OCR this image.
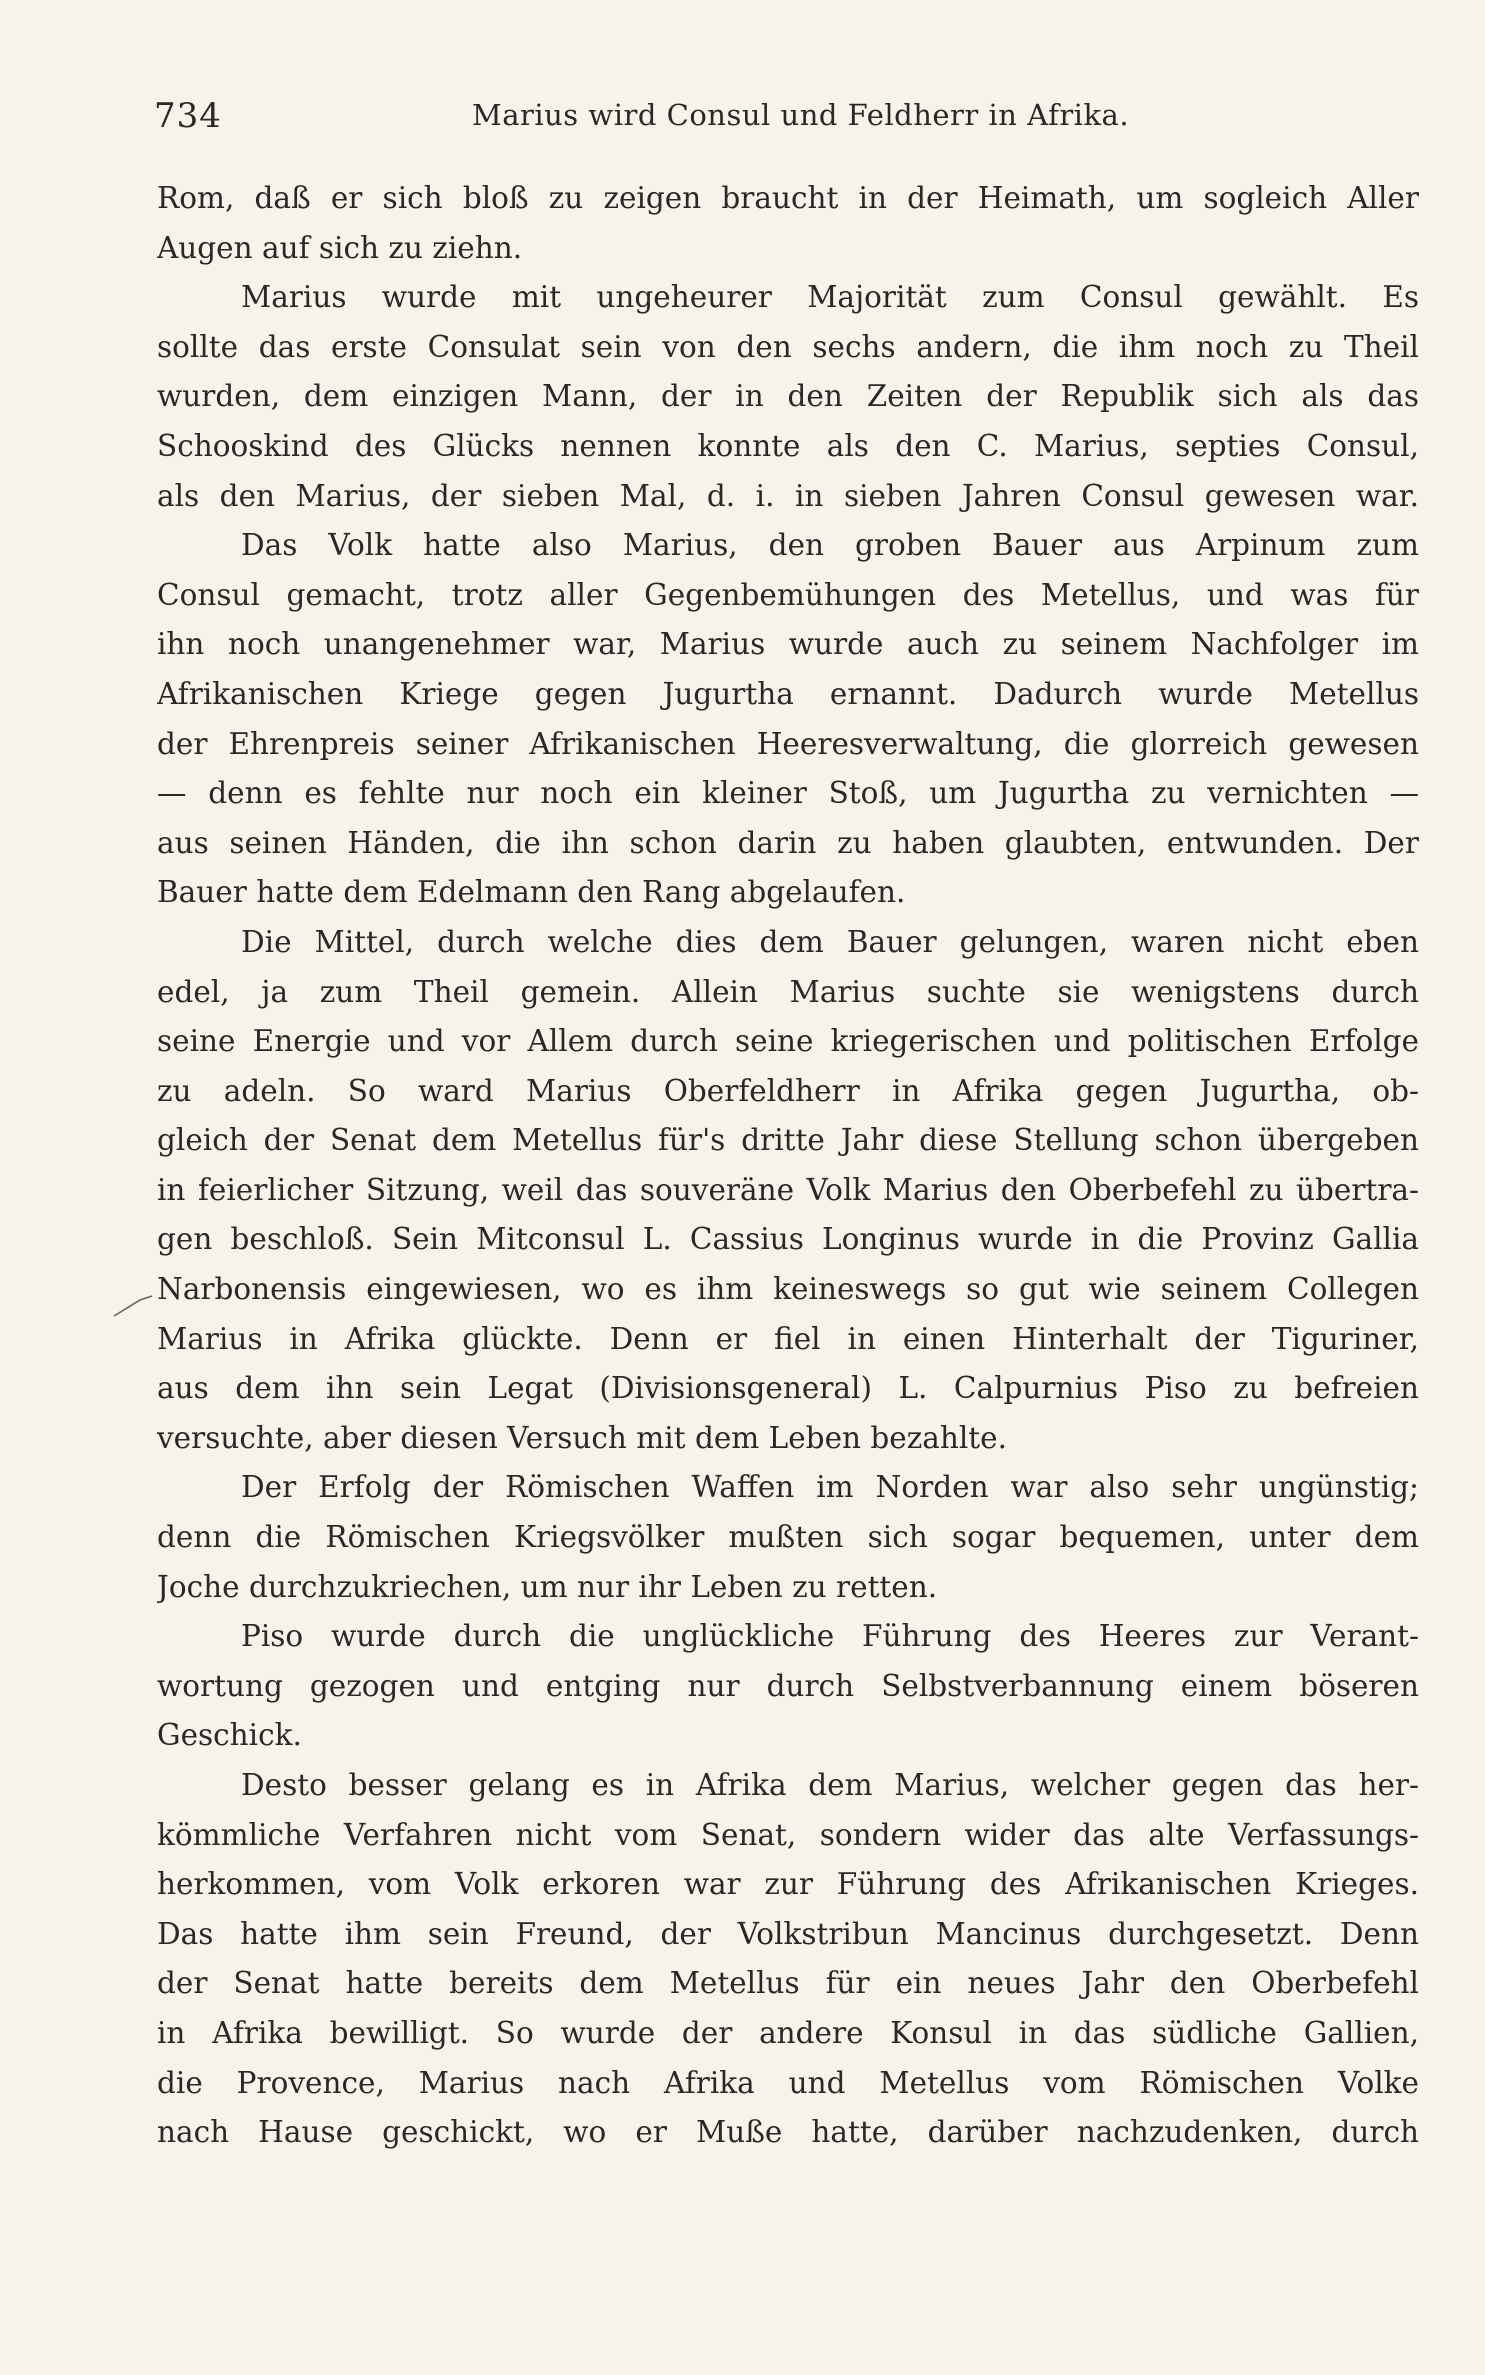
734	Marius wird Consul und Feldherr in Afrika.
Rom, daß er sich bloß zu zeigen braucht in der Heimath, um sogleich Aller
Augen auf sich zu ziehn.
Marius wurde mit ungeheurer Majorität zum Consul gewählt. Es
sollte das erste Consulat sein von den sechs andern, die ihm noch zu Theil
wurden, dem einzigen Mann, der in den Zeiten der Republik sich als das
Schooskind des Glücks nennen konnte als den C. Marius, septies Consul,
als den Marius, der sieben Mal, d. i. in sieben Jahren Consul gewesen war.
Das Volk hatte also Marius, den groben Bauer aus Arpinum zum
Consul gemacht, trotz aller Gegenbemühungen des Metellus, und was für
ihn noch unangenehmer war, Marius wurde auch zu seinem Nachfolger im
Afrikanischen Kriege gegen Jugurtha ernannt. Dadurch wurde Metellus
der Ehrenpreis seiner Afrikanischen Heeresverwaltung, die glorreich gewesen
— denn es fehlte nur noch ein kleiner Stoß, um Jugurtha zu vernichten —
aus seinen Händen, die ihn schon darin zu haben glaubten, entwunden. Der
Bauer hatte dem Edelmann den Rang abgelaufen.
Die Mittel, durch welche dies dem Bauer gelungen, waren nicht eben
edel, ja zum Theil gemein. Allein Marius suchte sie wenigstens durch
seine Energie und vor Allem durch seine kriegerischen und politischen Erfolge
zu adeln. So ward Marius Oberfeldherr in Afrika gegen Jugurtha, ob-
gleich der Senat dem Metellus für's dritte Jahr diese Stellung schon übergeben
in feierlicher Sitzung, weil das souveräne Volk Marius den Oberbefehl zu übertra-
gen beschloß. Sein Mitconsul L. Cassius Longinus wurde in die Provinz Gallia
Narbonensis eingewiesen, wo es ihm keineswegs so gut wie seinem Collegen
Marius in Afrika glückte. Denn er fiel in einen Hinterhalt der Tiguriner,
aus dem ihn sein Legat (Divisionsgeneral) L. Calpurnius Piso zu befreien
versuchte, aber diesen Versuch mit dem Leben bezahlte.
Der Erfolg der Römischen Waffen im Norden war also sehr ungünstig;
denn die Römischen Kriegsvölker mußten sich sogar bequemen, unter dem
Joche durchzukriechen, um nur ihr Leben zu retten.
Piso wurde durch die unglückliche Führung des Heeres zur Verant-
wortung gezogen und entging nur durch Selbstverbannung einem böseren
Geschick.
Desto besser gelang es in Afrika dem Marius, welcher gegen das her-
kömmliche Verfahren nicht vom Senat, sondern wider das alte Verfassungs-
herkommen, vom Volk erkoren war zur Führung des Afrikanischen Krieges.
Das hatte ihm sein Freund, der Volkstribun Mancinus durchgesetzt. Denn
der Senat hatte bereits dem Metellus für ein neues Jahr den Oberbefehl
in Afrika bewilligt. So wurde der andere Konsul in das südliche Gallien,
die Provence, Marius nach Afrika und Metellus vom Römischen Volke
nach Hause geschickt, wo er Muße hatte, darüber nachzudenken, durch
